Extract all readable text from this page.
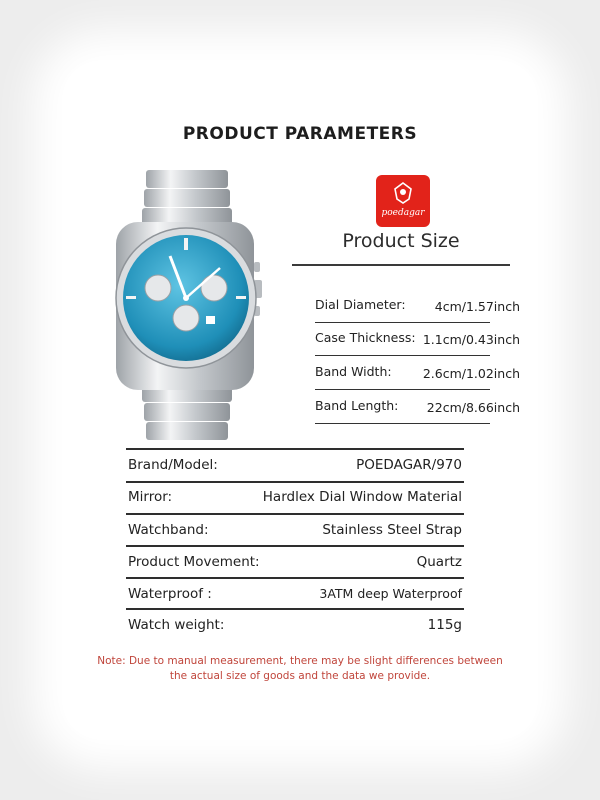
PRODUCT PARAMETERS
poedagar
Product Size
Dial Diameter: 4cm/1.57inch
Case Thickness: 1.1cm/0.43inch
Band Width: 2.6cm/1.02inch
Band Length: 22cm/8.66inch
Brand/Model:	POEDAGAR/970
Mirror:	Hardlex Dial Window Material
Watchband:	Stainless Steel Strap
Product Movement:	Quartz
Waterproof :	3ATM deep Waterproof
Watch weight:	115g
Note: Due to manual measurement, there may be slight differences between
the actual size of goods and the data we provide.
